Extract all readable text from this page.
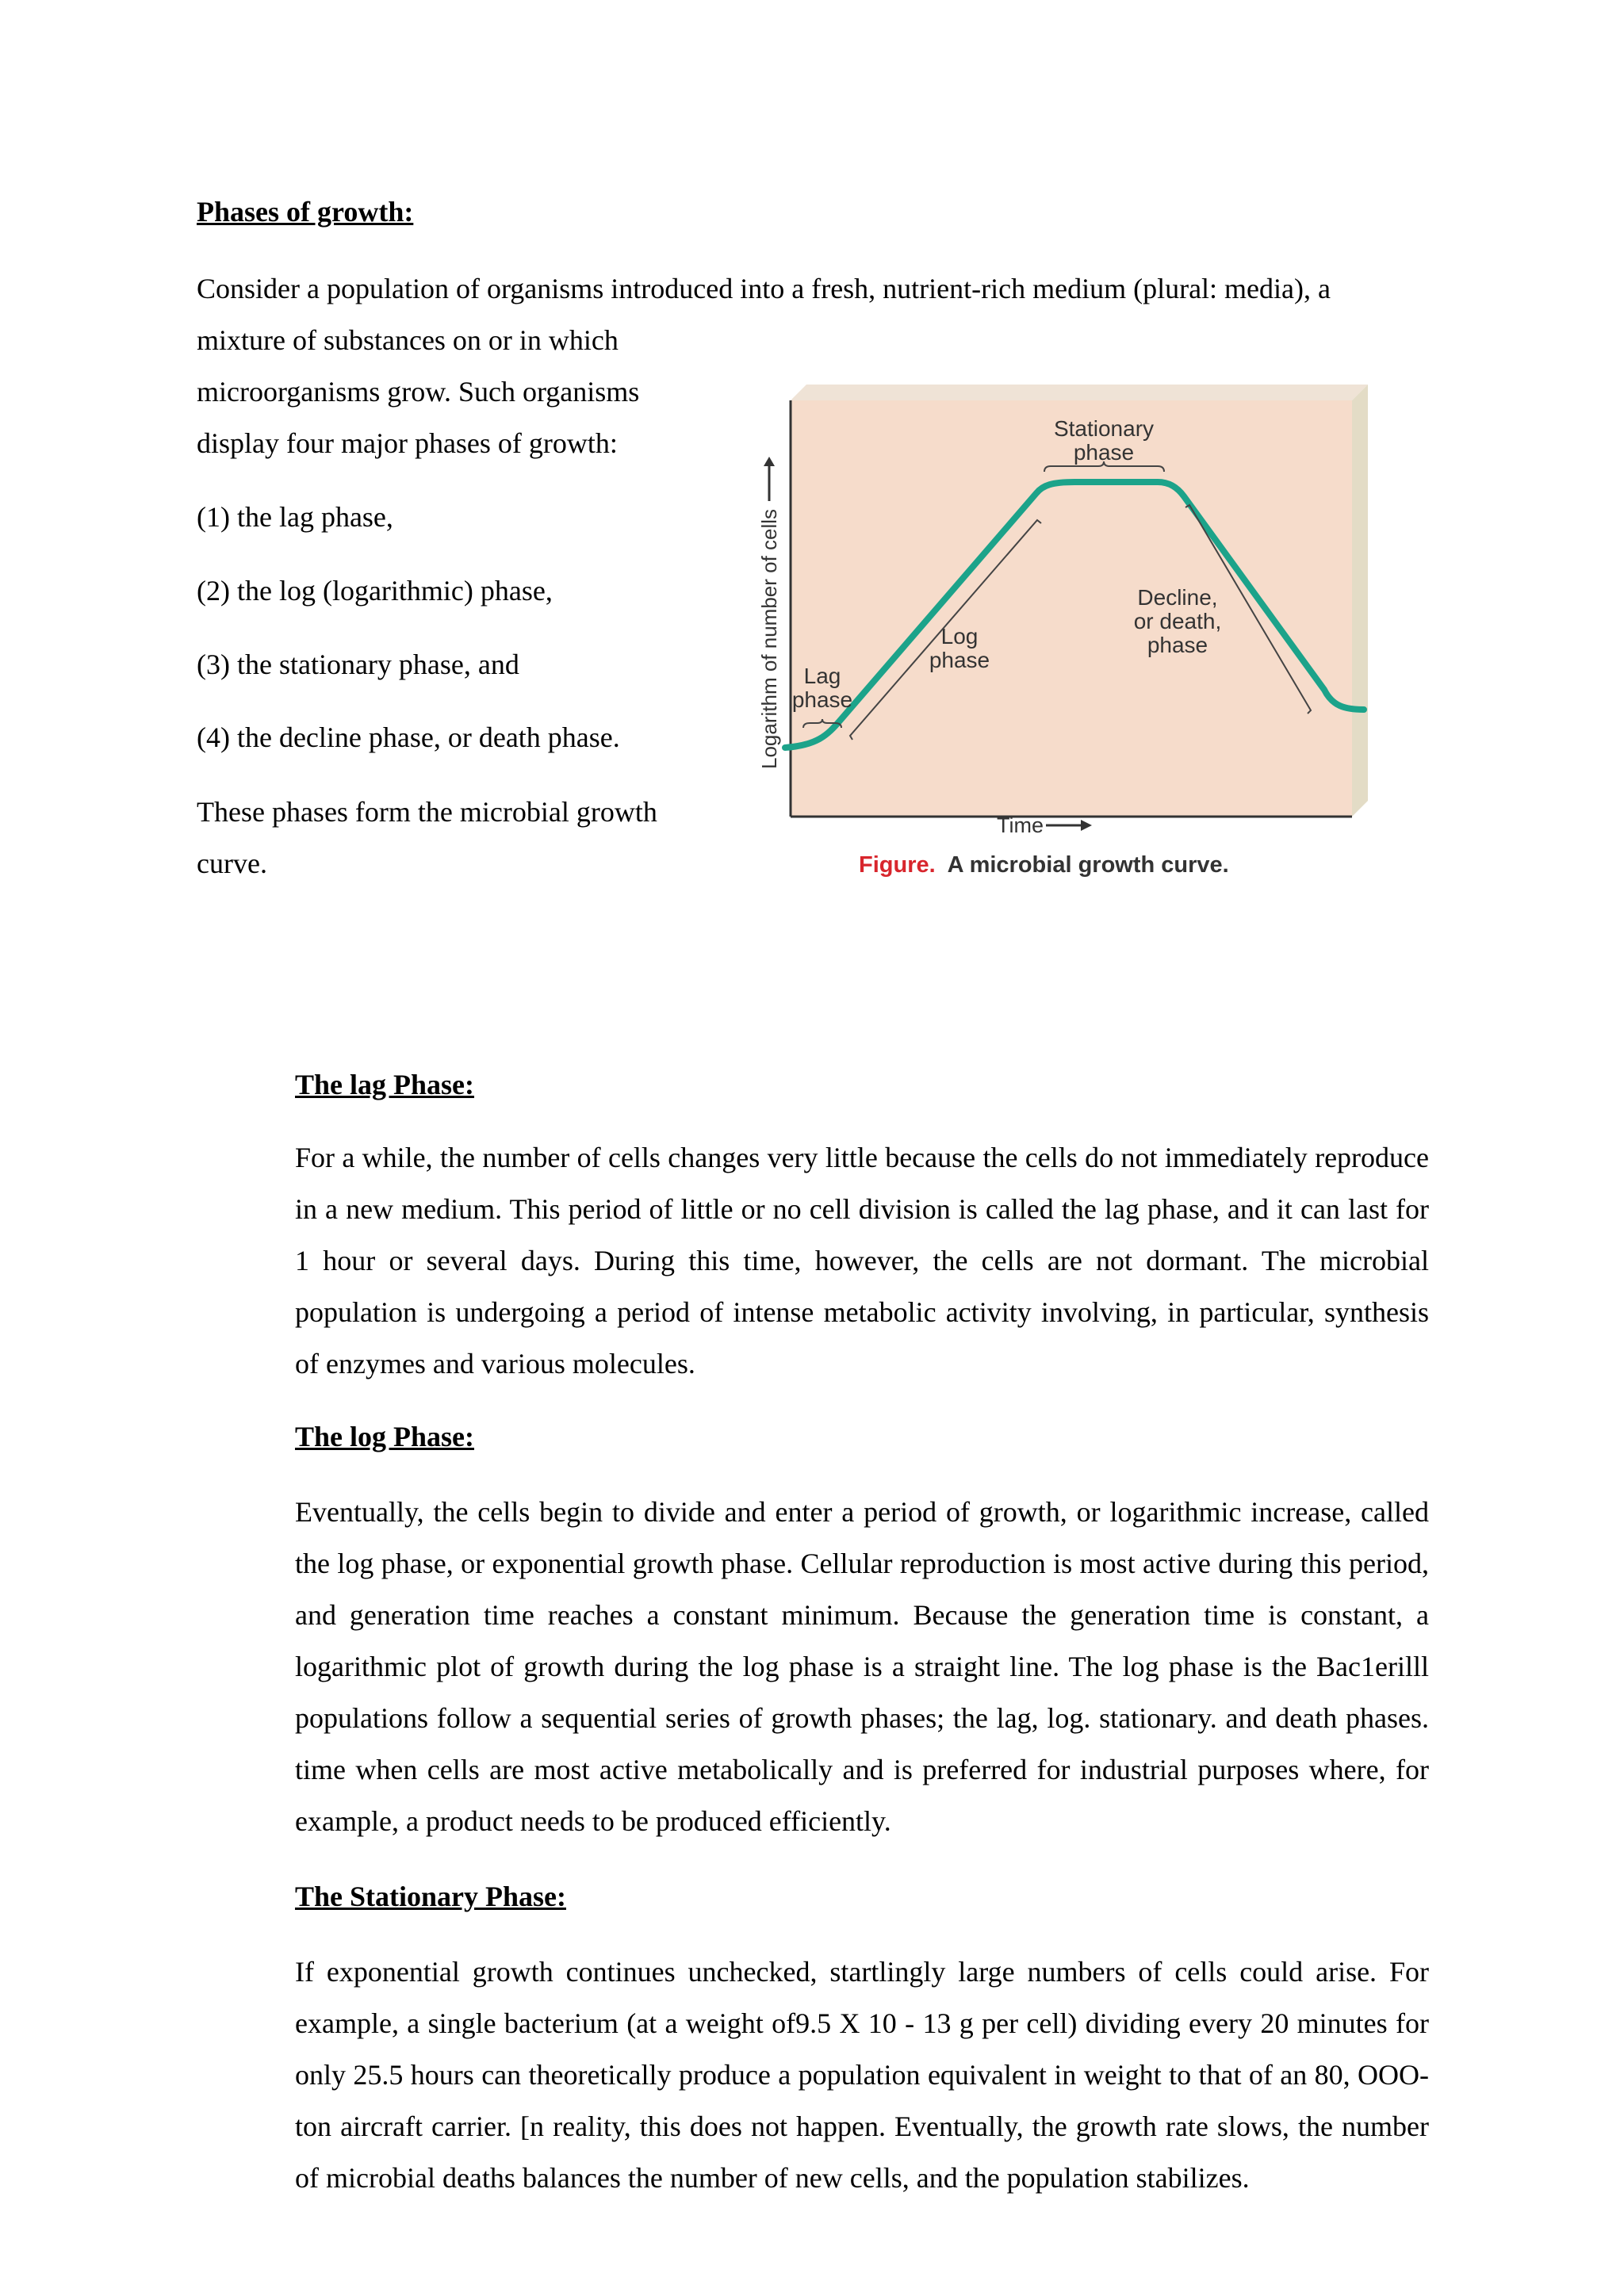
Phases of growth:

Consider a population of organisms introduced into a fresh, nutrient-rich medium (plural: media), a

mixture of substances on or in which microorganisms grow. Such organisms display four major phases of growth:

(1) the lag phase,
(2) the log (logarithmic) phase,
(3) the stationary phase, and
(4) the decline phase, or death phase.

These phases form the microbial growth curve.

Logarithm of number of cells
Time
Stationary
phase
Log
phase
Lag
phase
Decline,
or death,
phase
Figure. A microbial growth curve.
The lag Phase:

For a while, the number of cells changes very little because the cells do not immediately reproduce in a new medium. This period of little or no cell division is called the lag phase, and it can last for 1 hour or several days. During this time, however, the cells are not dormant. The microbial population is undergoing a period of intense metabolic activity involving, in particular, synthesis of enzymes and various molecules.

The log Phase:

Eventually, the cells begin to divide and enter a period of growth, or logarithmic increase, called the log phase, or exponential growth phase. Cellular reproduction is most active during this period, and generation time reaches a constant minimum. Because the generation time is constant, a logarithmic plot of growth during the log phase is a straight line. The log phase is the Bac1erilll populations follow a sequential series of growth phases; the lag, log. stationary. and death phases. time when cells are most active metabolically and is preferred for industrial purposes where, for example, a product needs to be produced efficiently.

The Stationary Phase:

If exponential growth continues unchecked, startlingly large numbers of cells could arise. For example, a single bacterium (at a weight of9.5 X 10 - 13 g per cell) dividing every 20 minutes for only 25.5 hours can theoretically produce a population equivalent in weight to that of an 80, OOO-ton aircraft carrier. [n reality, this does not happen. Eventually, the growth rate slows, the number of microbial deaths balances the number of new cells, and the population stabilizes.
